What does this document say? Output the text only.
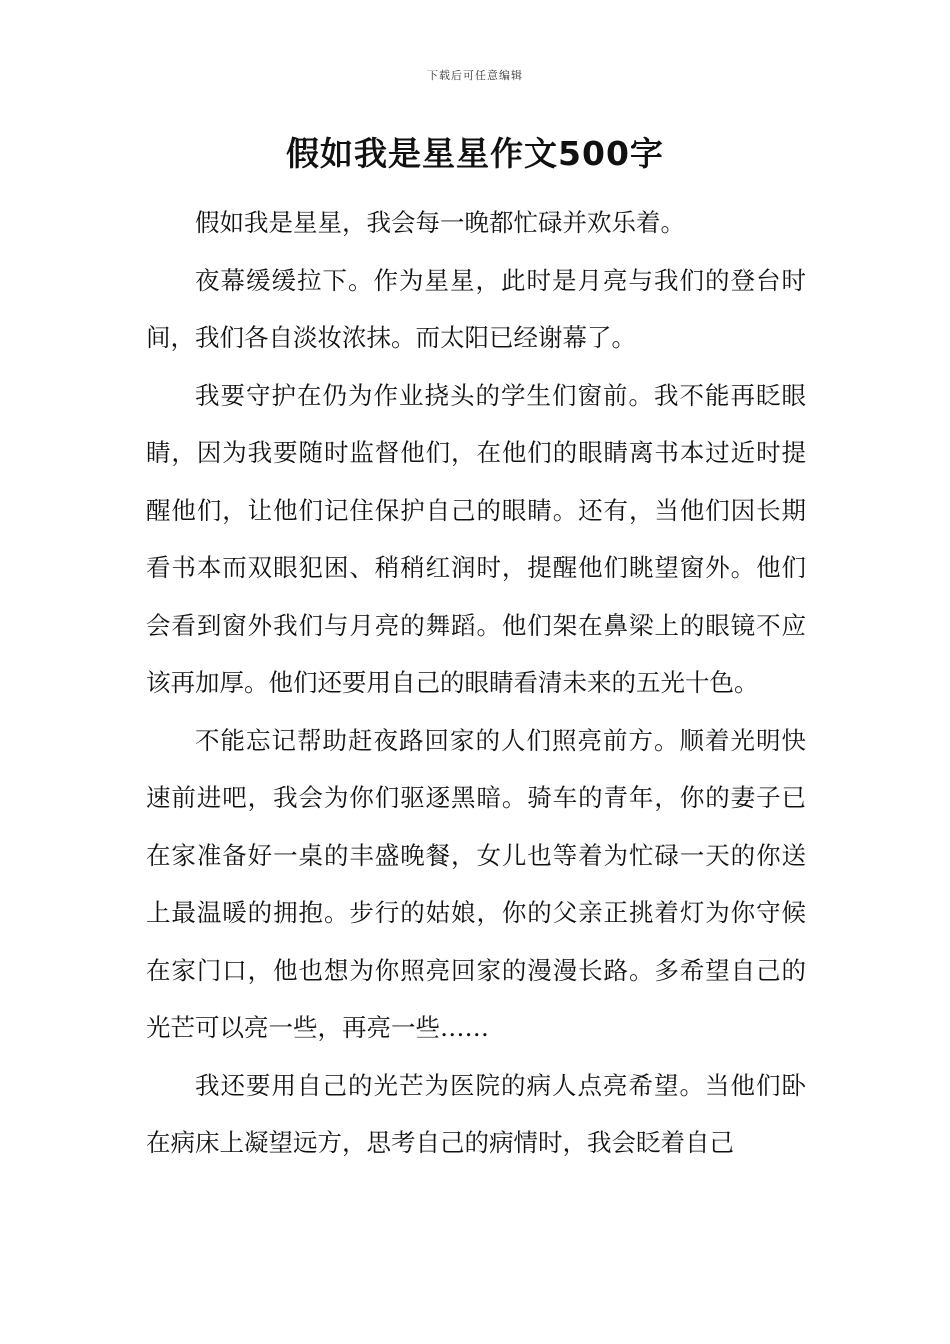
下载后可任意编辑
假如我是星星作文500字

假如我是星星，我会每一晚都忙碌并欢乐着。

夜幕缓缓拉下。作为星星，此时是月亮与我们的登台时间，我们各自淡妆浓抹。而太阳已经谢幕了。

我要守护在仍为作业挠头的学生们窗前。我不能再眨眼睛，因为我要随时监督他们，在他们的眼睛离书本过近时提醒他们，让他们记住保护自己的眼睛。还有，当他们因长期看书本而双眼犯困、稍稍红润时，提醒他们眺望窗外。他们会看到窗外我们与月亮的舞蹈。他们架在鼻梁上的眼镜不应该再加厚。他们还要用自己的眼睛看清未来的五光十色。

不能忘记帮助赶夜路回家的人们照亮前方。顺着光明快速前进吧，我会为你们驱逐黑暗。骑车的青年，你的妻子已在家准备好一桌的丰盛晚餐，女儿也等着为忙碌一天的你送上最温暖的拥抱。步行的姑娘，你的父亲正挑着灯为你守候在家门口，他也想为你照亮回家的漫漫长路。多希望自己的光芒可以亮一些，再亮一些……

我还要用自己的光芒为医院的病人点亮希望。当他们卧在病床上凝望远方，思考自己的病情时，我会眨着自己
